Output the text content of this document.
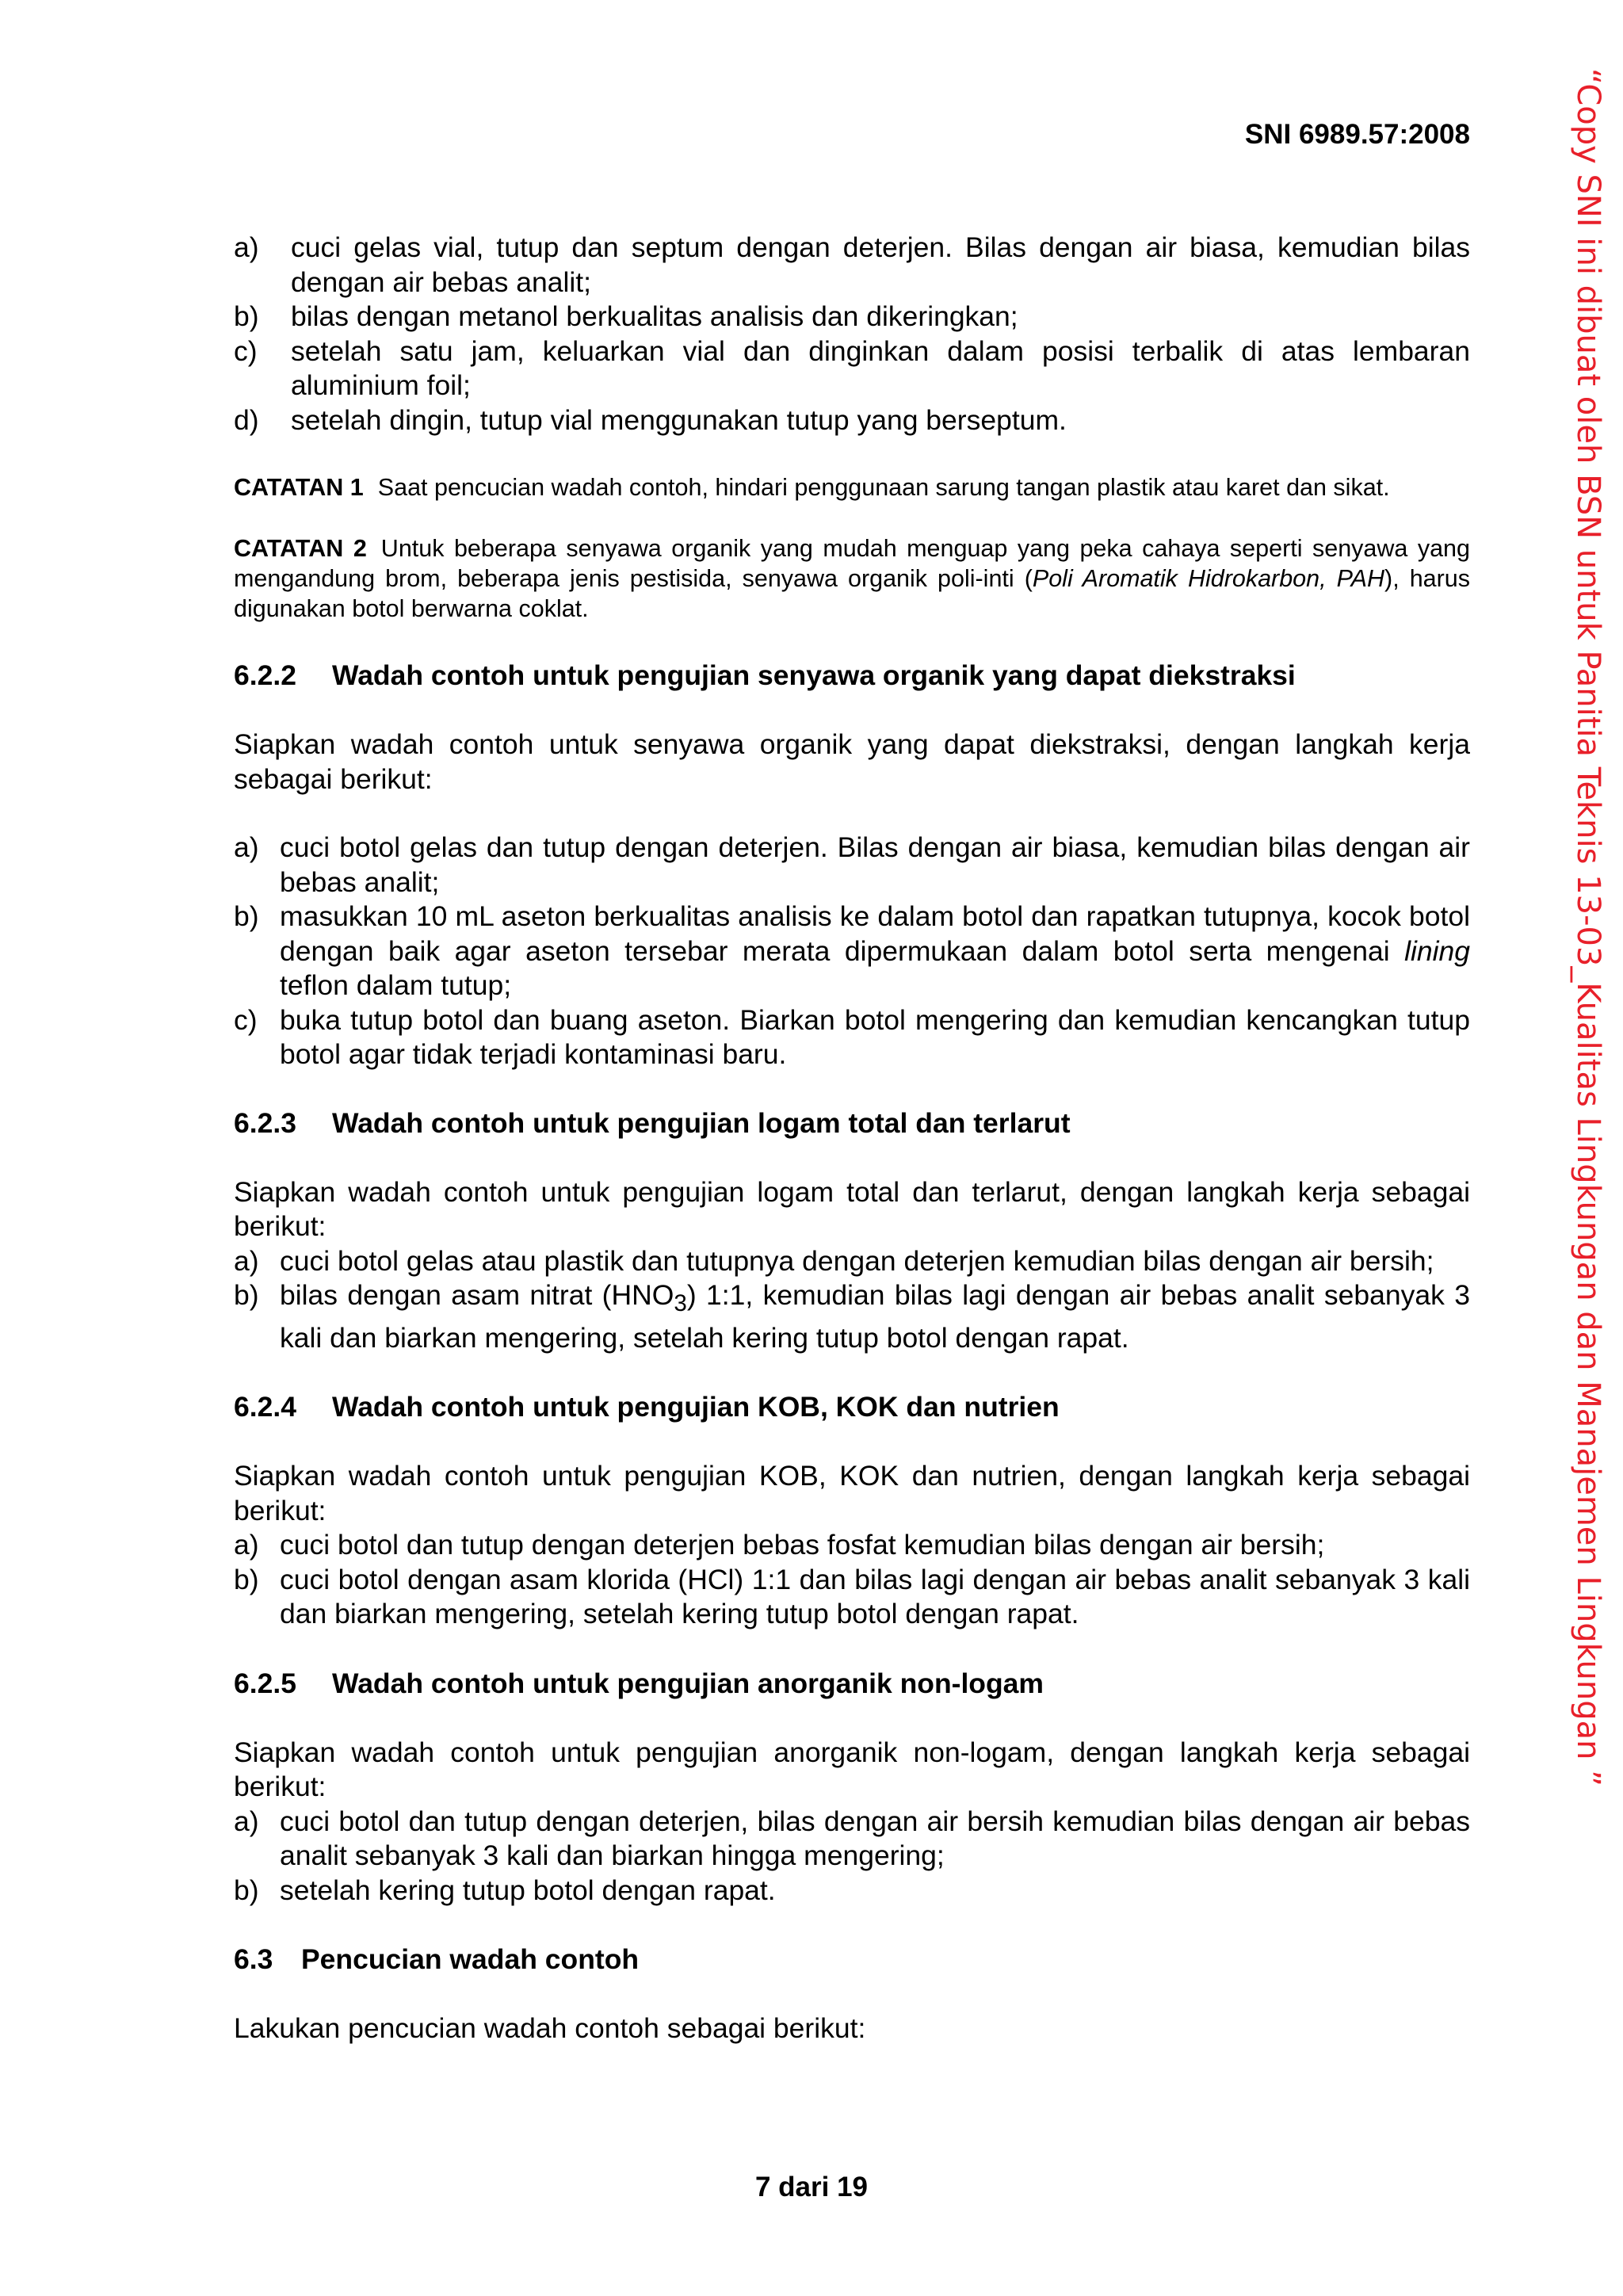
SNI 6989.57:2008

a) cuci gelas vial, tutup dan septum dengan deterjen. Bilas dengan air biasa, kemudian bilas dengan air bebas analit;
b) bilas dengan metanol berkualitas analisis dan dikeringkan;
c) setelah satu jam, keluarkan vial dan dinginkan dalam posisi terbalik di atas lembaran aluminium foil;
d) setelah dingin, tutup vial menggunakan tutup yang berseptum.

CATATAN 1 Saat pencucian wadah contoh, hindari penggunaan sarung tangan plastik atau karet dan sikat.

CATATAN 2 Untuk beberapa senyawa organik yang mudah menguap yang peka cahaya seperti senyawa yang mengandung brom, beberapa jenis pestisida, senyawa organik poli-inti (Poli Aromatik Hidrokarbon, PAH), harus digunakan botol berwarna coklat.

6.2.2 Wadah contoh untuk pengujian senyawa organik yang dapat diekstraksi

Siapkan wadah contoh untuk senyawa organik yang dapat diekstraksi, dengan langkah kerja sebagai berikut:

a) cuci botol gelas dan tutup dengan deterjen. Bilas dengan air biasa, kemudian bilas dengan air bebas analit;
b) masukkan 10 mL aseton berkualitas analisis ke dalam botol dan rapatkan tutupnya, kocok botol dengan baik agar aseton tersebar merata dipermukaan dalam botol serta mengenai lining teflon dalam tutup;
c) buka tutup botol dan buang aseton. Biarkan botol mengering dan kemudian kencangkan tutup botol agar tidak terjadi kontaminasi baru.
6.2.3 Wadah contoh untuk pengujian logam total dan terlarut

Siapkan wadah contoh untuk pengujian logam total dan terlarut, dengan langkah kerja sebagai berikut:

a) cuci botol gelas atau plastik dan tutupnya dengan deterjen kemudian bilas dengan air bersih;
b) bilas dengan asam nitrat $(HNO_3)$ 1:1, kemudian bilas lagi dengan air bebas analit sebanyak 3 kali dan biarkan mengering, setelah kering tutup botol dengan rapat.
6.2.4 Wadah contoh untuk pengujian KOB, KOK dan nutrien

Siapkan wadah contoh untuk pengujian KOB, KOK dan nutrien, dengan langkah kerja sebagai berikut:

a) cuci botol dan tutup dengan deterjen bebas fosfat kemudian bilas dengan air bersih;
b) cuci botol dengan asam klorida (HCl) 1:1 dan bilas lagi dengan air bebas analit sebanyak 3 kali dan biarkan mengering, setelah kering tutup botol dengan rapat.
6.2.5 Wadah contoh untuk pengujian anorganik non-logam

Siapkan wadah contoh untuk pengujian anorganik non-logam, dengan langkah kerja sebagai berikut:

a) cuci botol dan tutup dengan deterjen, bilas dengan air bersih kemudian bilas dengan air bebas analit sebanyak 3 kali dan biarkan hingga mengering;
b) setelah kering tutup botol dengan rapat.
6.3 Pencucian wadah contoh

Lakukan pencucian wadah contoh sebagai berikut:

7 dari 19

“Copy SNI ini dibuat oleh BSN untuk Panitia Teknis 13-03_Kualitas Lingkungan dan Manajemen Lingkungan ”
